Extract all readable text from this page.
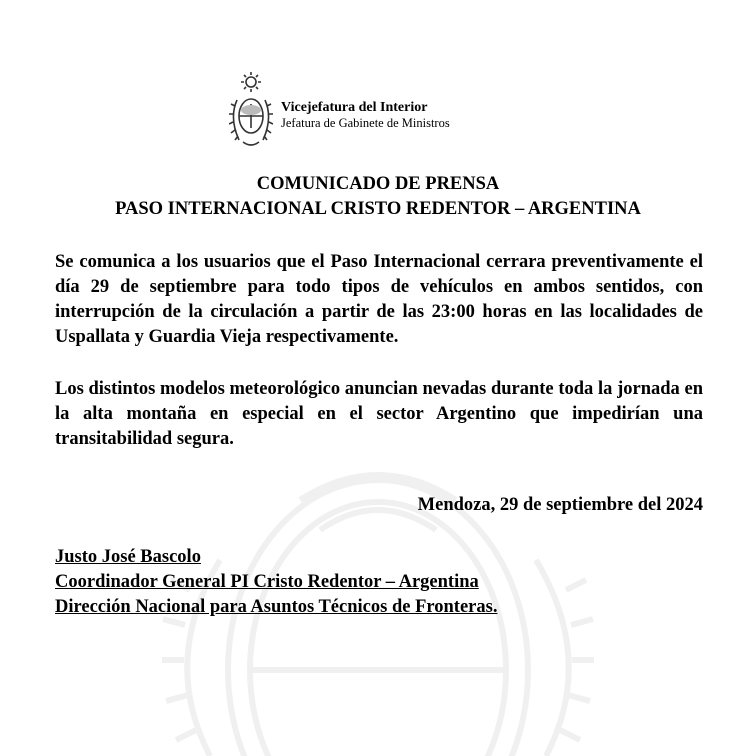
Vicejefatura del Interior
Jefatura de Gabinete de Ministros
COMUNICADO DE PRENSA
PASO INTERNACIONAL CRISTO REDENTOR – ARGENTINA

Se comunica a los usuarios que el Paso Internacional cerrara preventivamente el día 29 de septiembre para todo tipos de vehículos en ambos sentidos, con interrupción de la circulación a partir de las 23:00 horas en las localidades de Uspallata y Guardia Vieja respectivamente.

Los distintos modelos meteorológico anuncian nevadas durante toda la jornada en la alta montaña en especial en el sector Argentino que impedirían una transitabilidad segura.

Mendoza, 29 de septiembre del 2024
Justo José Bascolo
Coordinador General PI Cristo Redentor – Argentina
Dirección Nacional para Asuntos Técnicos de Fronteras.
